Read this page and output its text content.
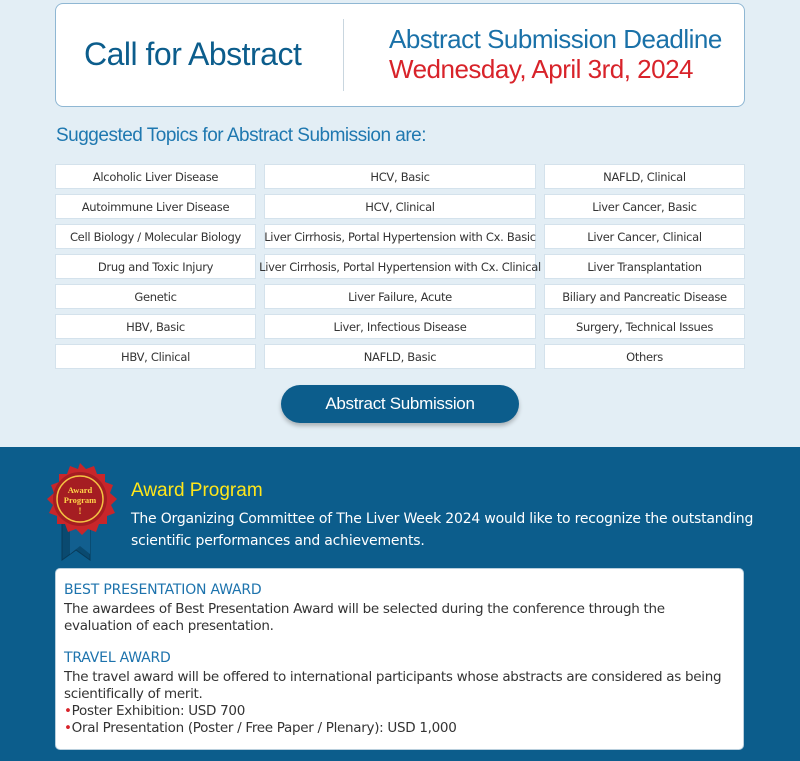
Call for Abstract	Abstract Submission Deadline
Wednesday, April 3rd, 2024
Suggested Topics for Abstract Submission are:
Alcoholic Liver Disease	HCV, Basic	NAFLD, Clinical
Autoimmune Liver Disease	HCV, Clinical	Liver Cancer, Basic
Cell Biology / Molecular Biology	Liver Cirrhosis, Portal Hypertension with Cx. Basic	Liver Cancer, Clinical
Drug and Toxic Injury	Liver Cirrhosis, Portal Hypertension with Cx. Clinical	Liver Transplantation
Genetic	Liver Failure, Acute	Biliary and Pancreatic Disease
HBV, Basic	Liver, Infectious Disease	Surgery, Technical Issues
HBV, Clinical	NAFLD, Basic	Others
Abstract Submission
Award
Program
!
Award Program
The Organizing Committee of The Liver Week 2024 would like to recognize the outstanding scientific performances and achievements.
BEST PRESENTATION AWARD
The awardees of Best Presentation Award will be selected during the conference through the evaluation of each presentation.
TRAVEL AWARD
The travel award will be offered to international participants whose abstracts are considered as being scientifically of merit.
•Poster Exhibition: USD 700
•Oral Presentation (Poster / Free Paper / Plenary): USD 1,000
